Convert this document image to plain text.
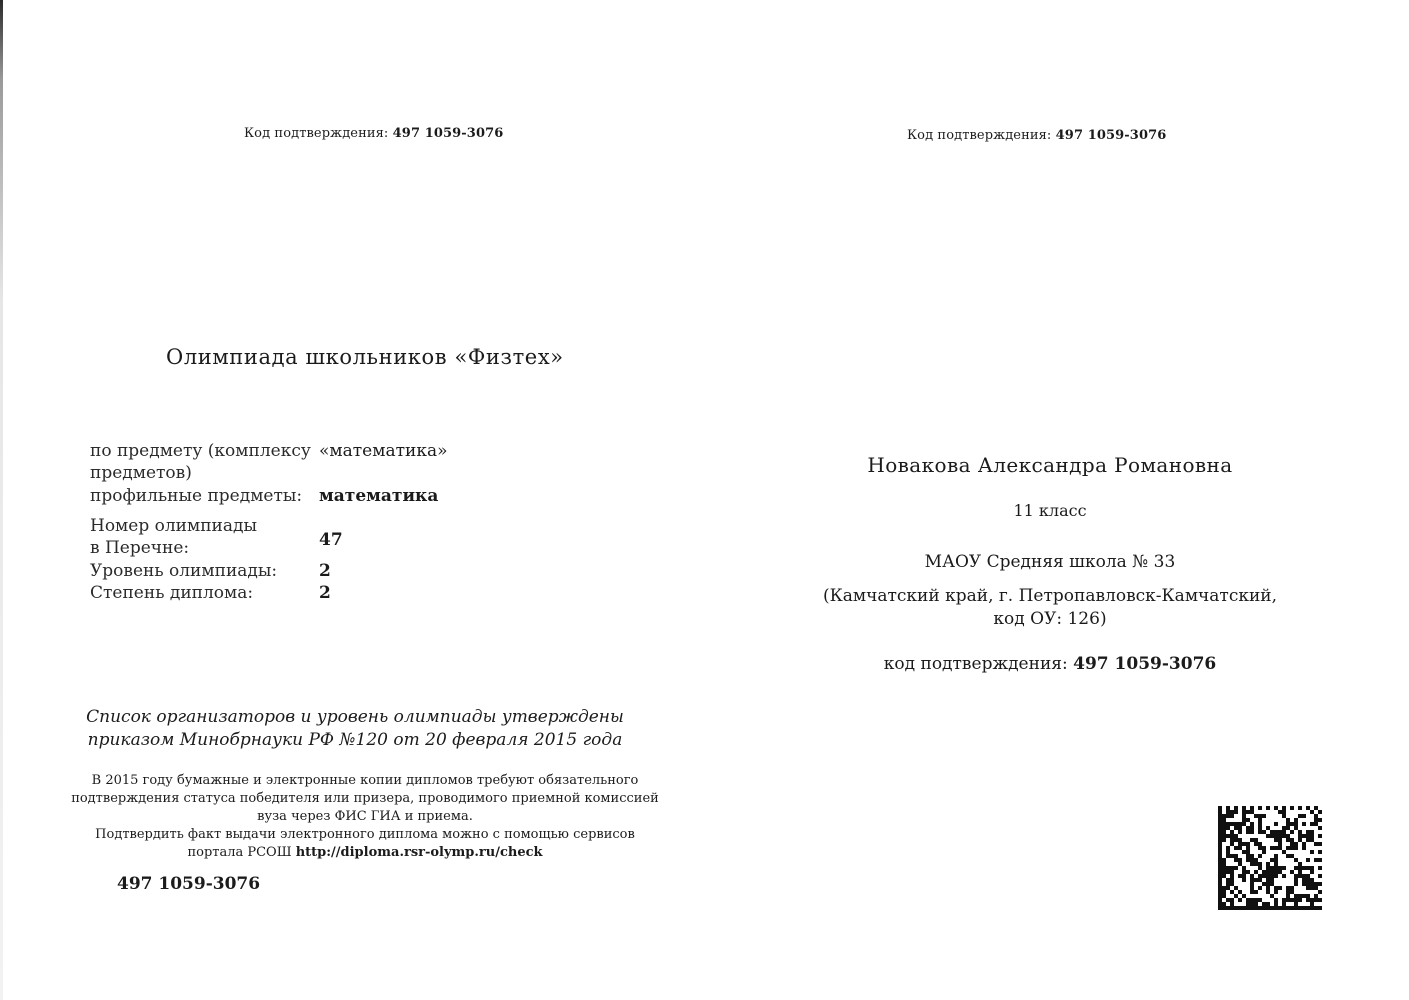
Код подтверждения: 497 1059-3076
Олимпиада школьников «Физтех»
по предмету (комплексу
предметов)
«математика»
профильные предметы: математика
Номер олимпиады
в Перечне:	47
Уровень олимпиады: 2
Степень диплома:	2
Список организаторов и уровень олимпиады утверждены
приказом Минобрнауки РФ №120 от 20 февраля 2015 года
В 2015 году бумажные и электронные копии дипломов требуют обязательного
подтверждения статуса победителя или призера, проводимого приемной комиссией
вуза через ФИС ГИА и приема.
Подтвердить факт выдачи электронного диплома можно с помощью сервисов
портала РСОШ http://diploma.rsr-olymp.ru/check
497 1059-3076
Код подтверждения: 497 1059-3076
Новакова Александра Романовна
11 класс
МАОУ Средняя школа № 33
(Камчатский край, г. Петропавловск-Камчатский,
код ОУ: 126)
код подтверждения: 497 1059-3076
